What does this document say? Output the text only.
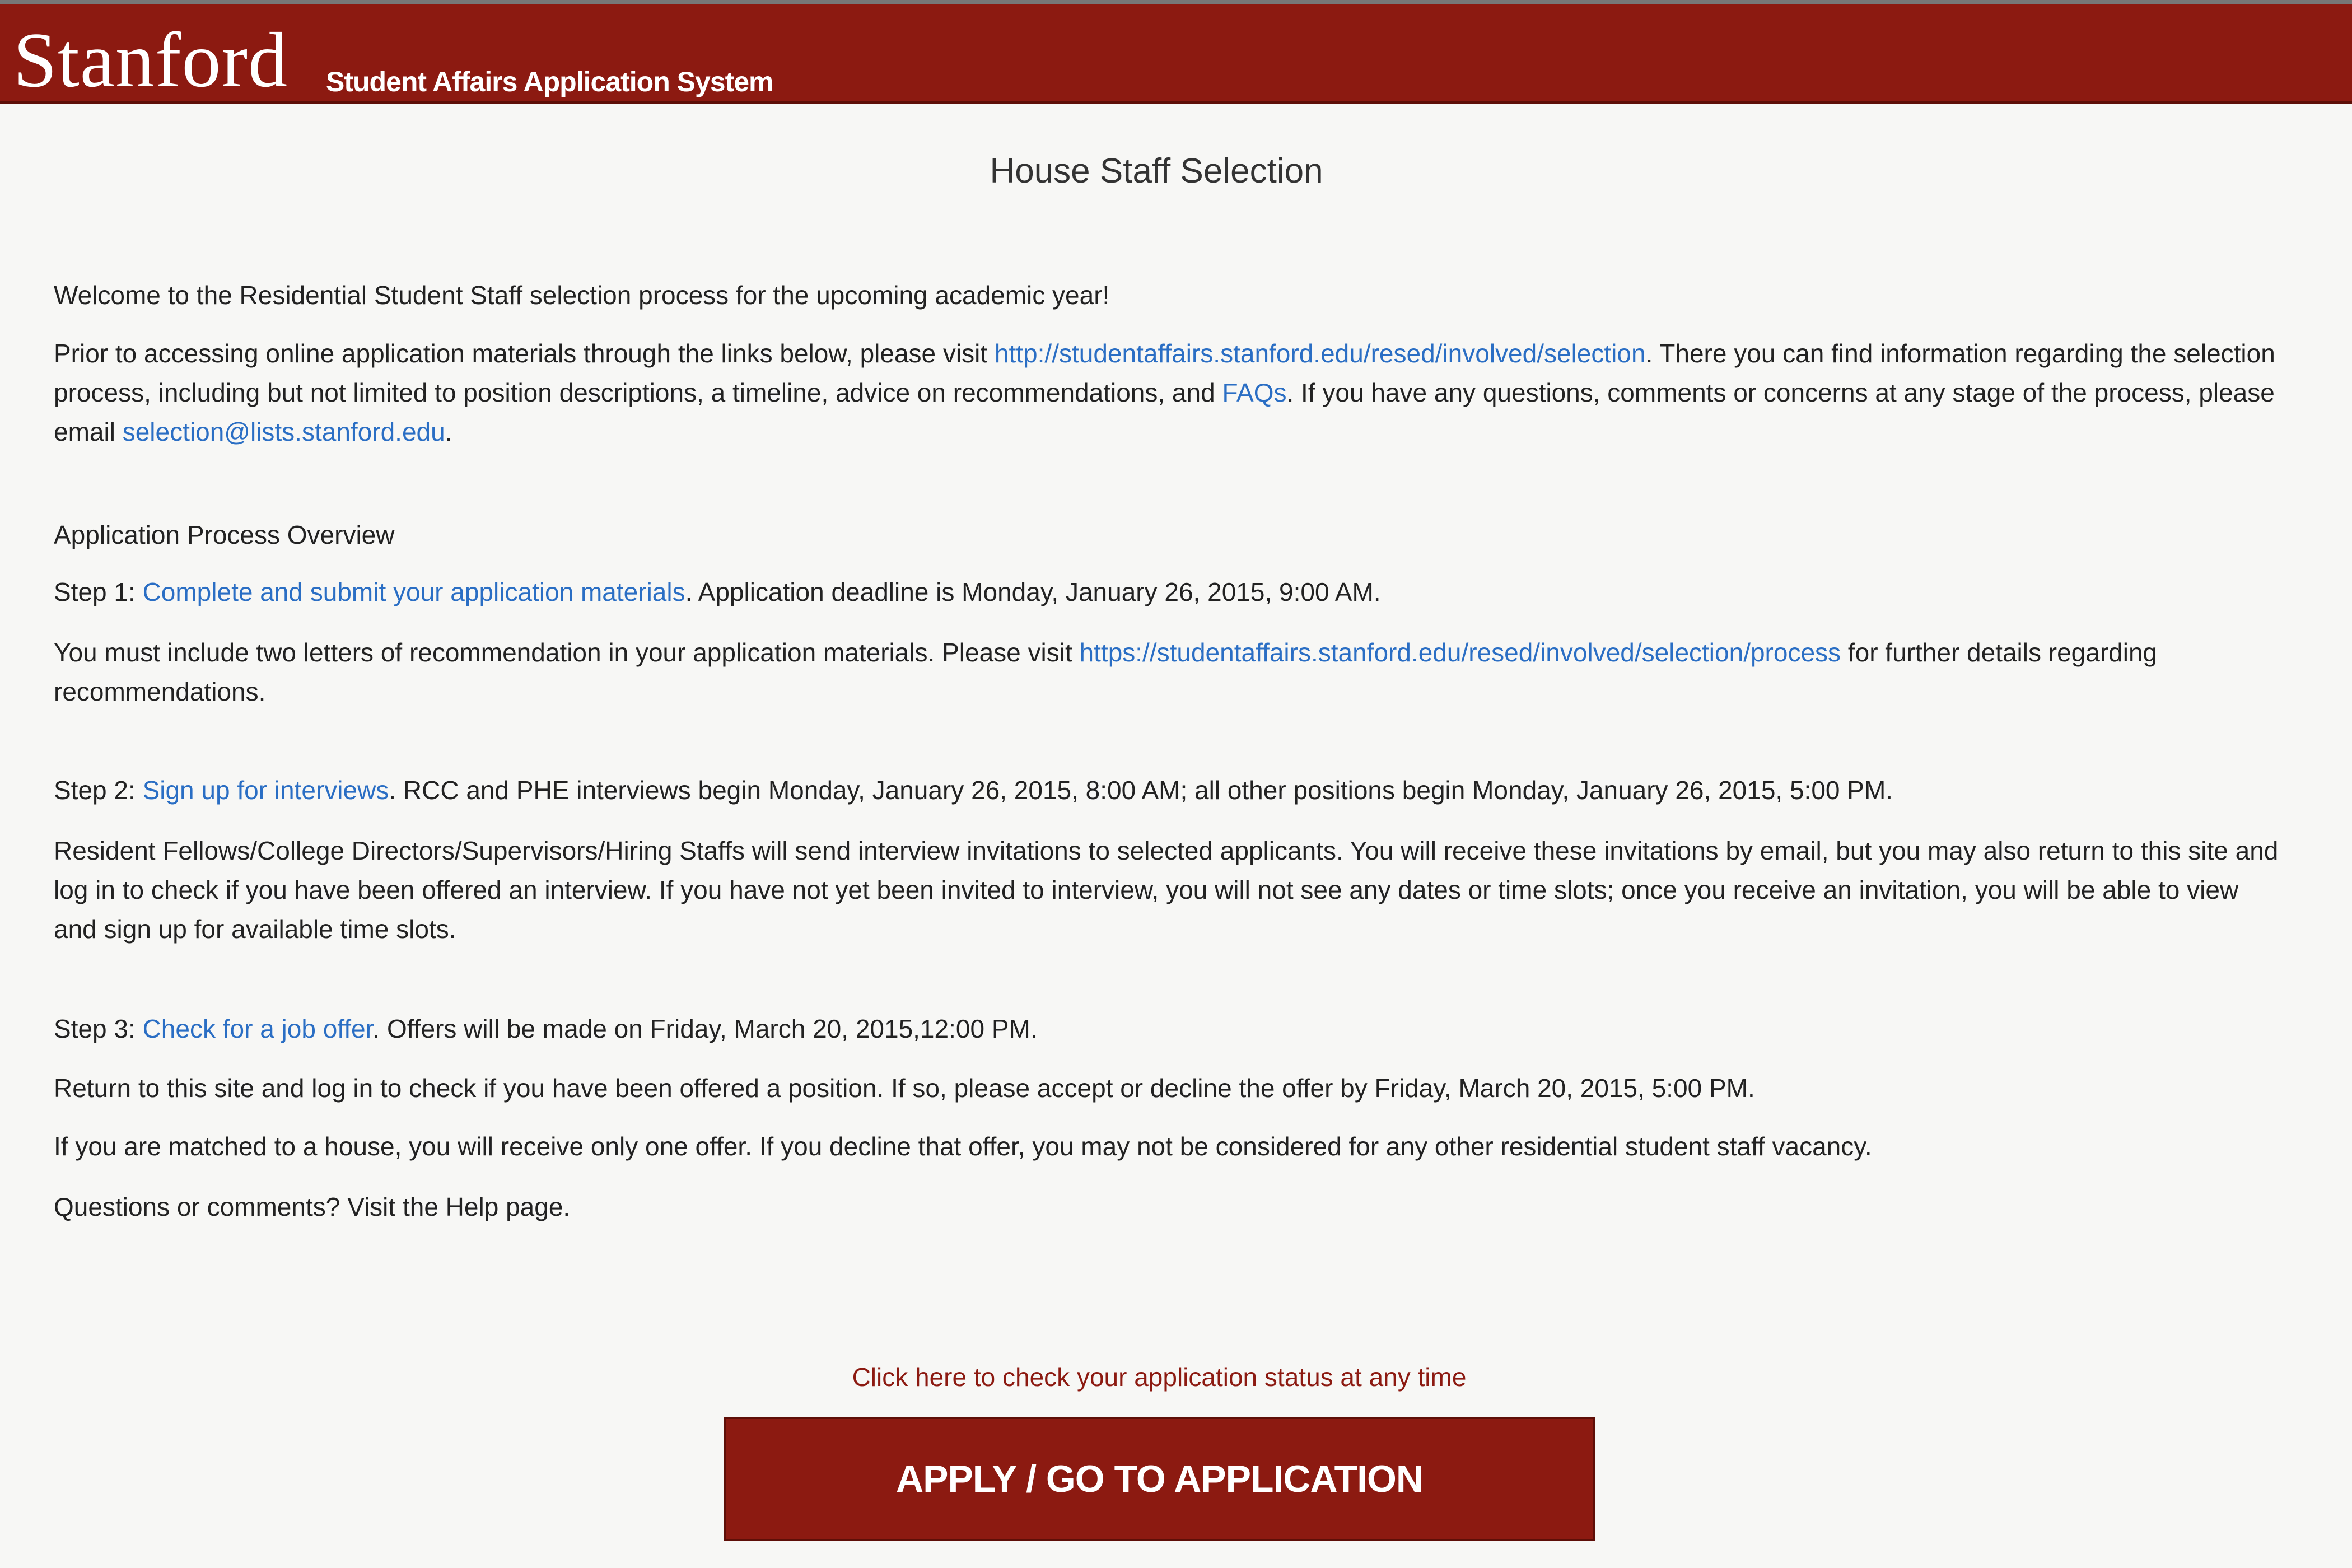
Stanford Student Affairs Application System
House Staff Selection

Welcome to the Residential Student Staff selection process for the upcoming academic year!

Prior to accessing online application materials through the links below, please visit http://studentaffairs.stanford.edu/resed/involved/selection. There you can find information regarding the selection process, including but not limited to position descriptions, a timeline, advice on recommendations, and FAQs. If you have any questions, comments or concerns at any stage of the process, please email selection@lists.stanford.edu.

Application Process Overview

Step 1: Complete and submit your application materials. Application deadline is Monday, January 26, 2015, 9:00 AM.

You must include two letters of recommendation in your application materials. Please visit https://studentaffairs.stanford.edu/resed/involved/selection/process for further details regarding recommendations.

Step 2: Sign up for interviews. RCC and PHE interviews begin Monday, January 26, 2015, 8:00 AM; all other positions begin Monday, January 26, 2015, 5:00 PM.

Resident Fellows/College Directors/Supervisors/Hiring Staffs will send interview invitations to selected applicants. You will receive these invitations by email, but you may also return to this site and log in to check if you have been offered an interview. If you have not yet been invited to interview, you will not see any dates or time slots; once you receive an invitation, you will be able to view and sign up for available time slots.

Step 3: Check for a job offer. Offers will be made on Friday, March 20, 2015,12:00 PM.

Return to this site and log in to check if you have been offered a position. If so, please accept or decline the offer by Friday, March 20, 2015, 5:00 PM.

If you are matched to a house, you will receive only one offer. If you decline that offer, you may not be considered for any other residential student staff vacancy.

Questions or comments? Visit the Help page.

Click here to check your application status at any time
APPLY / GO TO APPLICATION
